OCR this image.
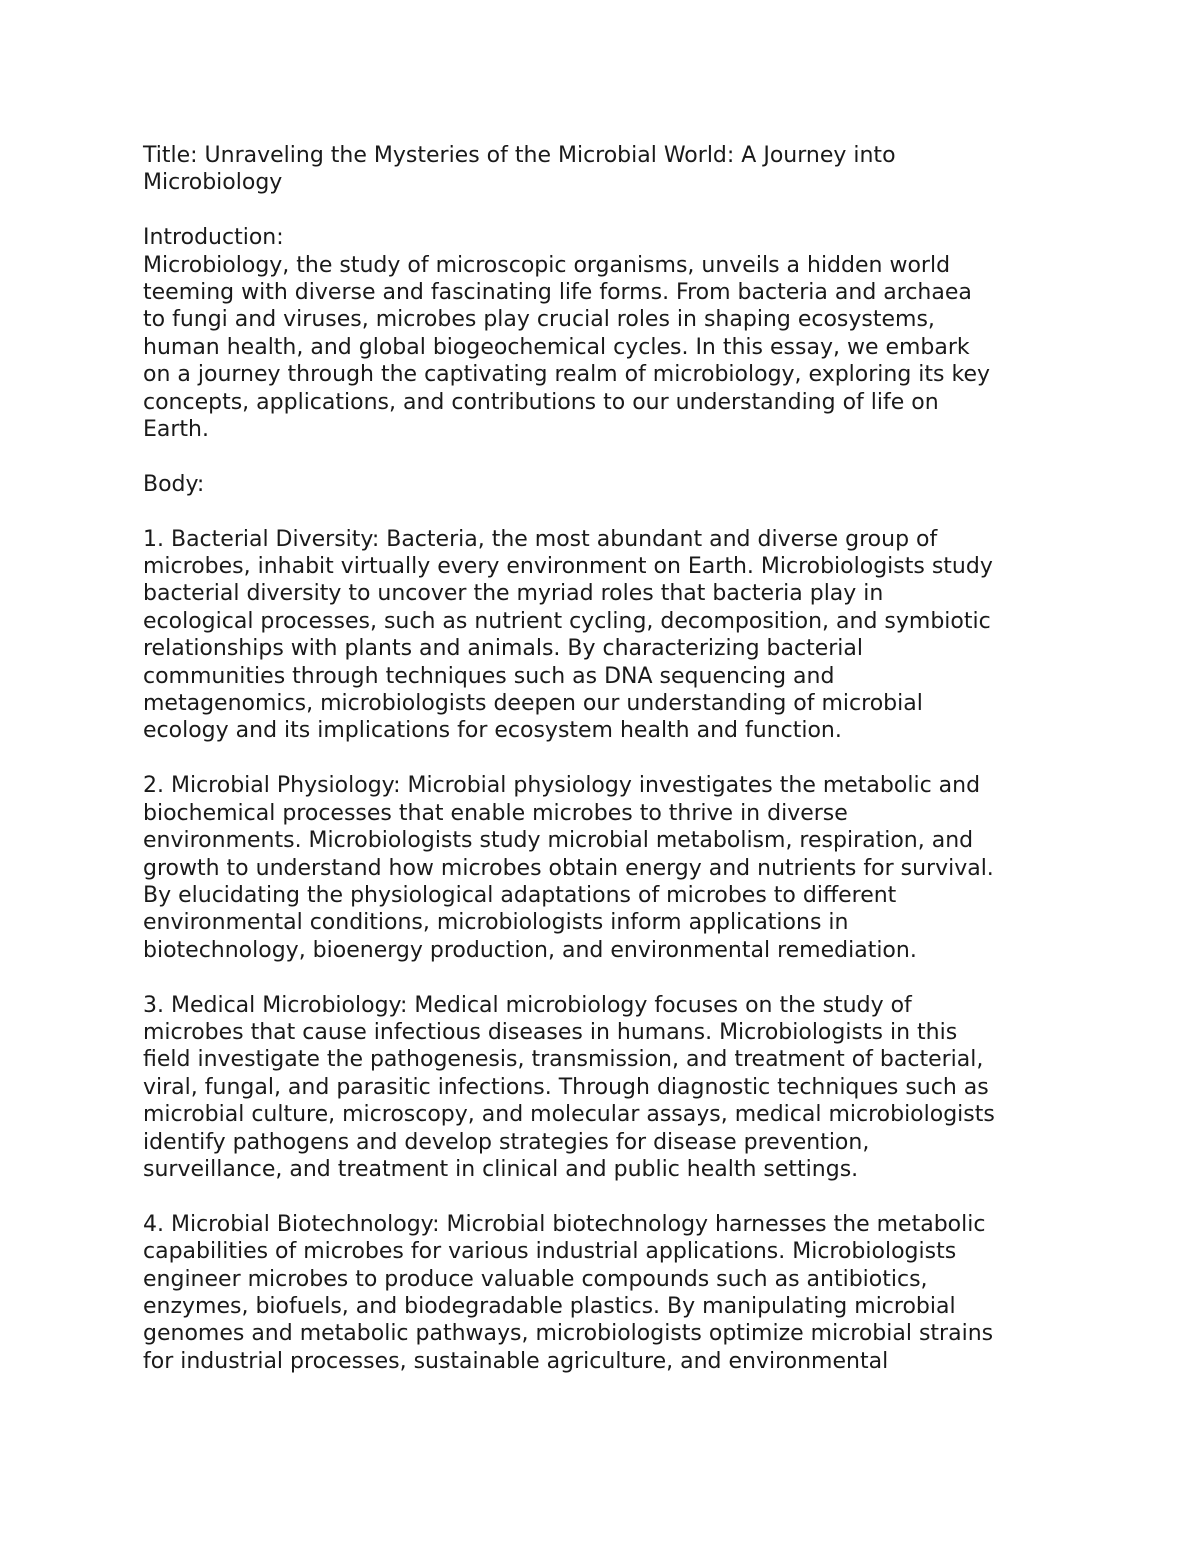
Title: Unraveling the Mysteries of the Microbial World: A Journey into
Microbiology

Introduction:

Microbiology, the study of microscopic organisms, unveils a hidden world
teeming with diverse and fascinating life forms. From bacteria and archaea
to fungi and viruses, microbes play crucial roles in shaping ecosystems,
human health, and global biogeochemical cycles. In this essay, we embark
on a journey through the captivating realm of microbiology, exploring its key
concepts, applications, and contributions to our understanding of life on
Earth.

Body:

1. Bacterial Diversity: Bacteria, the most abundant and diverse group of
microbes, inhabit virtually every environment on Earth. Microbiologists study
bacterial diversity to uncover the myriad roles that bacteria play in
ecological processes, such as nutrient cycling, decomposition, and symbiotic
relationships with plants and animals. By characterizing bacterial
communities through techniques such as DNA sequencing and
metagenomics, microbiologists deepen our understanding of microbial
ecology and its implications for ecosystem health and function.

2. Microbial Physiology: Microbial physiology investigates the metabolic and
biochemical processes that enable microbes to thrive in diverse
environments. Microbiologists study microbial metabolism, respiration, and
growth to understand how microbes obtain energy and nutrients for survival.
By elucidating the physiological adaptations of microbes to different
environmental conditions, microbiologists inform applications in
biotechnology, bioenergy production, and environmental remediation.

3. Medical Microbiology: Medical microbiology focuses on the study of
microbes that cause infectious diseases in humans. Microbiologists in this
field investigate the pathogenesis, transmission, and treatment of bacterial,
viral, fungal, and parasitic infections. Through diagnostic techniques such as
microbial culture, microscopy, and molecular assays, medical microbiologists
identify pathogens and develop strategies for disease prevention,
surveillance, and treatment in clinical and public health settings.

4. Microbial Biotechnology: Microbial biotechnology harnesses the metabolic
capabilities of microbes for various industrial applications. Microbiologists
engineer microbes to produce valuable compounds such as antibiotics,
enzymes, biofuels, and biodegradable plastics. By manipulating microbial
genomes and metabolic pathways, microbiologists optimize microbial strains
for industrial processes, sustainable agriculture, and environmental
